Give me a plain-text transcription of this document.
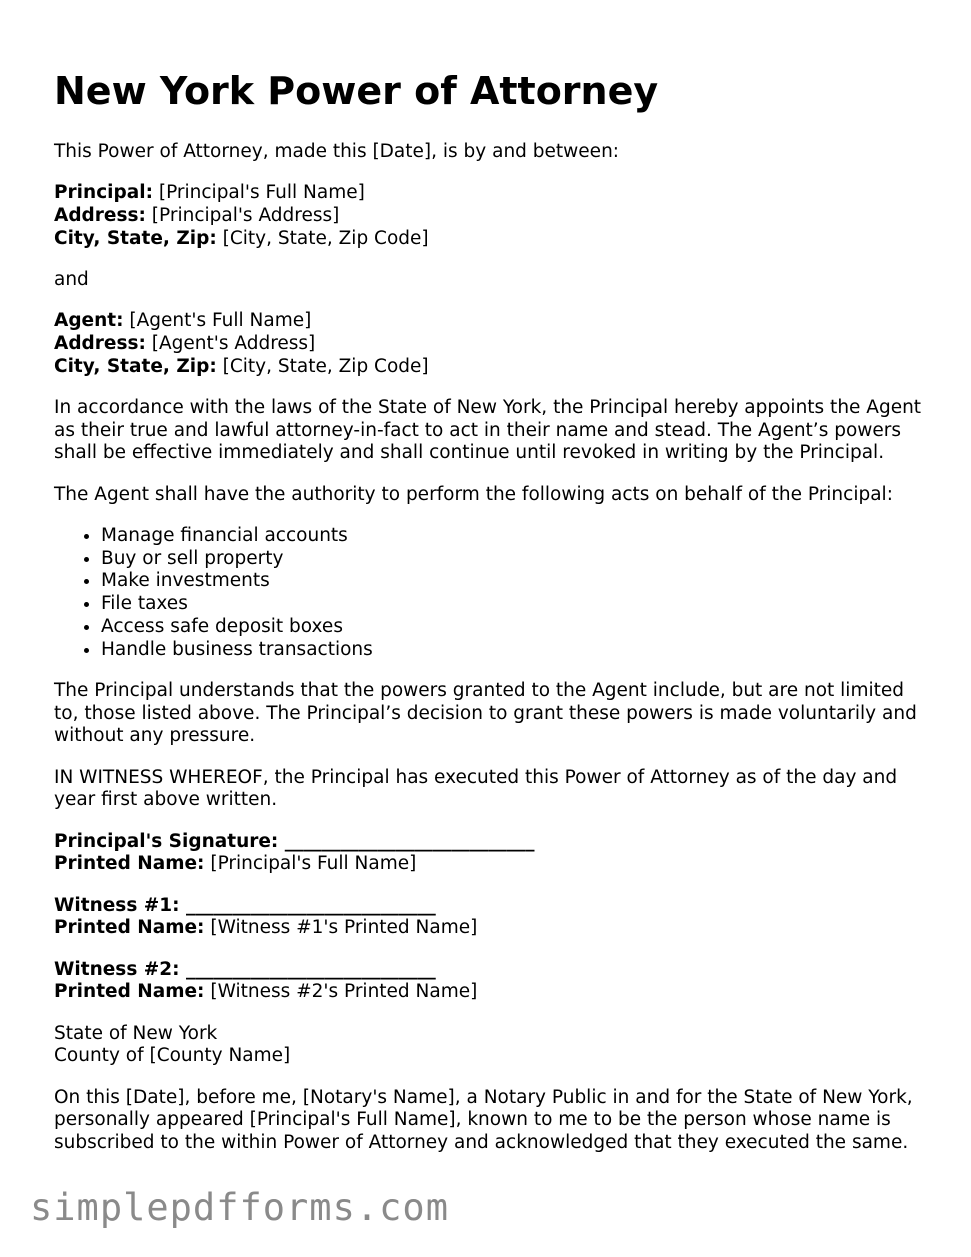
New York Power of Attorney

This Power of Attorney, made this [Date], is by and between:

Principal: [Principal's Full Name]
Address: [Principal's Address]
City, State, Zip: [City, State, Zip Code]

and

Agent: [Agent's Full Name]
Address: [Agent's Address]
City, State, Zip: [City, State, Zip Code]

In accordance with the laws of the State of New York, the Principal hereby appoints the Agent as their true and lawful attorney-in-fact to act in their name and stead. The Agent’s powers shall be effective immediately and shall continue until revoked in writing by the Principal.

The Agent shall have the authority to perform the following acts on behalf of the Principal:

• Manage financial accounts
• Buy or sell property
• Make investments
• File taxes
• Access safe deposit boxes
• Handle business transactions

The Principal understands that the powers granted to the Agent include, but are not limited to, those listed above. The Principal’s decision to grant these powers is made voluntarily and without any pressure.

IN WITNESS WHEREOF, the Principal has executed this Power of Attorney as of the day and year first above written.

Principal's Signature: ___________________________
Printed Name: [Principal's Full Name]

Witness #1: ___________________________
Printed Name: [Witness #1's Printed Name]

Witness #2: ___________________________
Printed Name: [Witness #2's Printed Name]

State of New York
County of [County Name]

On this [Date], before me, [Notary's Name], a Notary Public in and for the State of New York, personally appeared [Principal's Full Name], known to me to be the person whose name is subscribed to the within Power of Attorney and acknowledged that they executed the same.

simplepdfforms.com
